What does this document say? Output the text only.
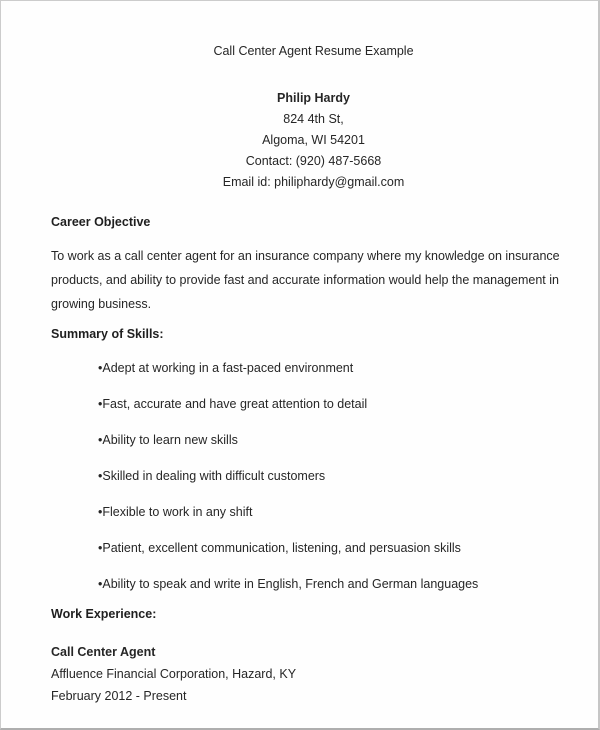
Call Center Agent Resume Example
Philip Hardy
824 4th St,
Algoma, WI 54201
Contact: (920) 487-5668
Email id: philiphardy@gmail.com
Career Objective
To work as a call center agent for an insurance company where my knowledge on insurance products, and ability to provide fast and accurate information would help the management in growing business.
Summary of Skills:
•Adept at working in a fast-paced environment
•Fast, accurate and have great attention to detail
•Ability to learn new skills
•Skilled in dealing with difficult customers
•Flexible to work in any shift
•Patient, excellent communication, listening, and persuasion skills
•Ability to speak and write in English, French and German languages
Work Experience:
Call Center Agent
Affluence Financial Corporation, Hazard, KY
February 2012 - Present
